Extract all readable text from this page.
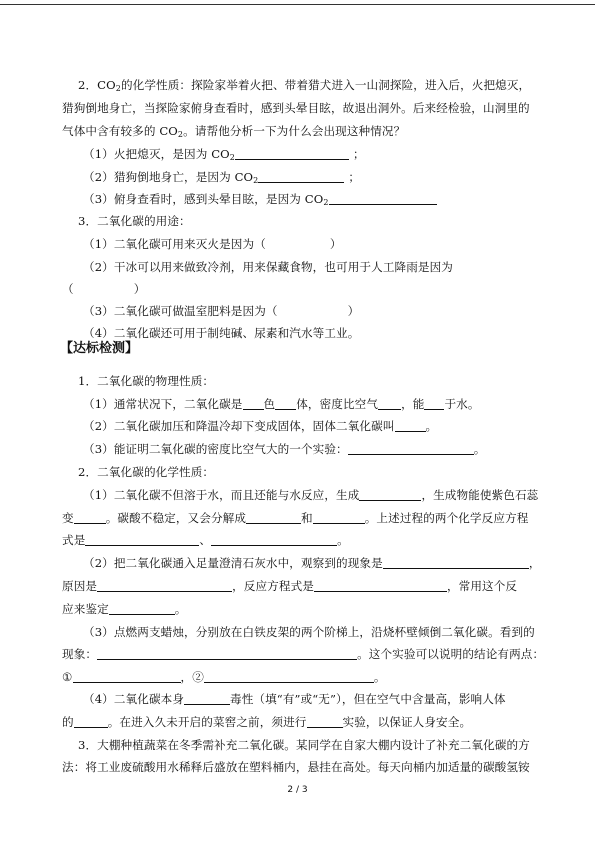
2．$CO_2$的化学性质：探险家举着火把、带着猎犬进入一山洞探险，进入后，火把熄灭，
猎狗倒地身亡，当探险家俯身查看时，感到头晕目眩，故退出洞外。后来经检验，山洞里的
气体中含有较多的 $CO_2$。请帮他分析一下为什么会出现这种情况？
（1）火把熄灭，是因为 $CO_2$	；
（2）猎狗倒地身亡，是因为 $CO_2$	；
（3）俯身查看时，感到头晕目眩，是因为 $CO_2$
3．二氧化碳的用途：
（1）二氧化碳可用来灭火是因为（	）
（2）干冰可以用来做致冷剂，用来保藏食物，也可用于人工降雨是因为
（	）
（3）二氧化碳可做温室肥料是因为（	）
（4）二氧化碳还可用于制纯碱、尿素和汽水等工业。
【达标检测】
1．二氧化碳的物理性质：
（1）通常状况下，二氧化碳是 色 体，密度比空气 ，能 于水。
（2）二氧化碳加压和降温冷却下变成固体，固体二氧化碳叫	。
（3）能证明二氧化碳的密度比空气大的一个实验：	。
2．二氧化碳的化学性质：
（1）二氧化碳不但溶于水，而且还能与水反应，生成	，生成物能使紫色石蕊
变	。碳酸不稳定，又会分解成	和	。上述过程的两个化学反应方程
式是	、	。
（2）把二氧化碳通入足量澄清石灰水中，观察到的现象是	，
原因是	，反应方程式是	，常用这个反
应来鉴定	。
（3）点燃两支蜡烛，分别放在白铁皮架的两个阶梯上，沿烧杯壁倾倒二氧化碳。看到的
现象：	。这个实验可以说明的结论有两点：
①	，②	。
（4）二氧化碳本身	毒性（填“有”或“无”），但在空气中含量高，影响人体
的	。在进入久未开启的菜窖之前，须进行	实验，以保证人身安全。
3．大棚种植蔬菜在冬季需补充二氧化碳。某同学在自家大棚内设计了补充二氧化碳的方
法：将工业废硫酸用水稀释后盛放在塑料桶内，悬挂在高处。每天向桶内加适量的碳酸氢铵
2 / 3
